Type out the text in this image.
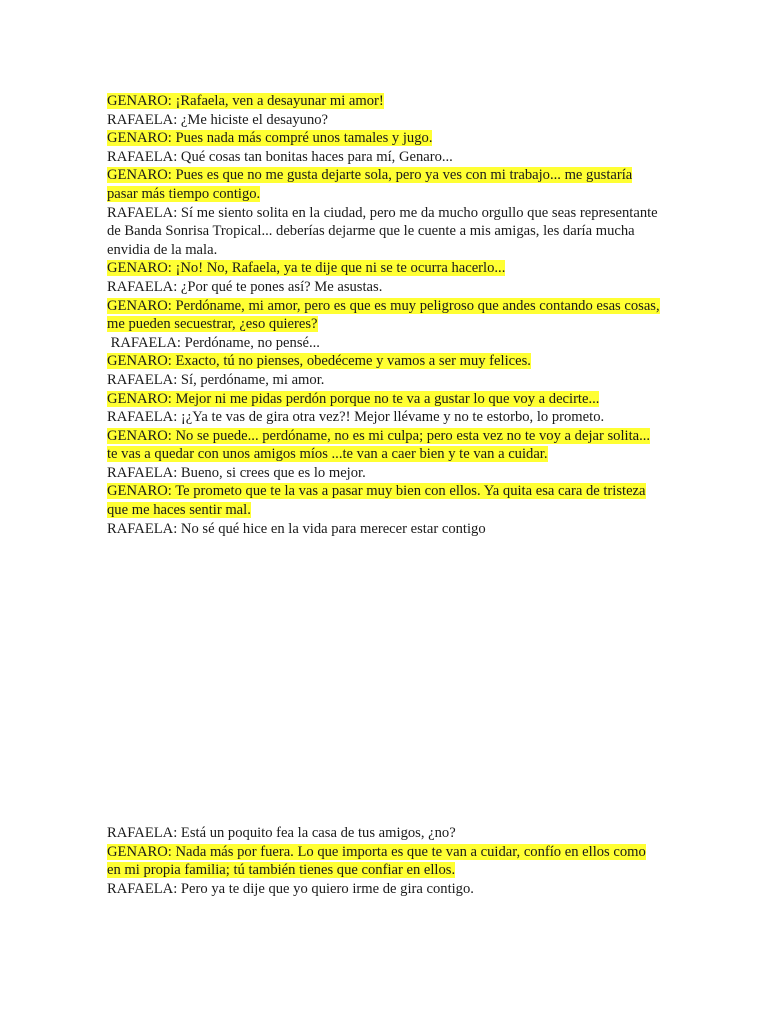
GENARO: ¡Rafaela, ven a desayunar mi amor!

RAFAELA: ¿Me hiciste el desayuno?

GENARO: Pues nada más compré unos tamales y jugo.

RAFAELA: Qué cosas tan bonitas haces para mí, Genaro...

GENARO: Pues es que no me gusta dejarte sola, pero ya ves con mi trabajo... me gustaría pasar más tiempo contigo.

RAFAELA: Sí me siento solita en la ciudad, pero me da mucho orgullo que seas representante de Banda Sonrisa Tropical... deberías dejarme que le cuente a mis amigas, les daría mucha envidia de la mala.

GENARO: ¡No! No, Rafaela, ya te dije que ni se te ocurra hacerlo...

RAFAELA: ¿Por qué te pones así? Me asustas.

GENARO: Perdóname, mi amor, pero es que es muy peligroso que andes contando esas cosas, me pueden secuestrar, ¿eso quieres?

RAFAELA: Perdóname, no pensé...

GENARO: Exacto, tú no pienses, obedéceme y vamos a ser muy felices.

RAFAELA: Sí, perdóname, mi amor.

GENARO: Mejor ni me pidas perdón porque no te va a gustar lo que voy a decirte...

RAFAELA: ¡¿Ya te vas de gira otra vez?! Mejor llévame y no te estorbo, lo prometo.

GENARO: No se puede... perdóname, no es mi culpa; pero esta vez no te voy a dejar solita... te vas a quedar con unos amigos míos ...te van a caer bien y te van a cuidar.

RAFAELA: Bueno, si crees que es lo mejor.

GENARO: Te prometo que te la vas a pasar muy bien con ellos. Ya quita esa cara de tristeza que me haces sentir mal.

RAFAELA: No sé qué hice en la vida para merecer estar contigo

RAFAELA: Está un poquito fea la casa de tus amigos, ¿no?

GENARO: Nada más por fuera. Lo que importa es que te van a cuidar, confío en ellos como en mi propia familia; tú también tienes que confiar en ellos.

RAFAELA: Pero ya te dije que yo quiero irme de gira contigo.
